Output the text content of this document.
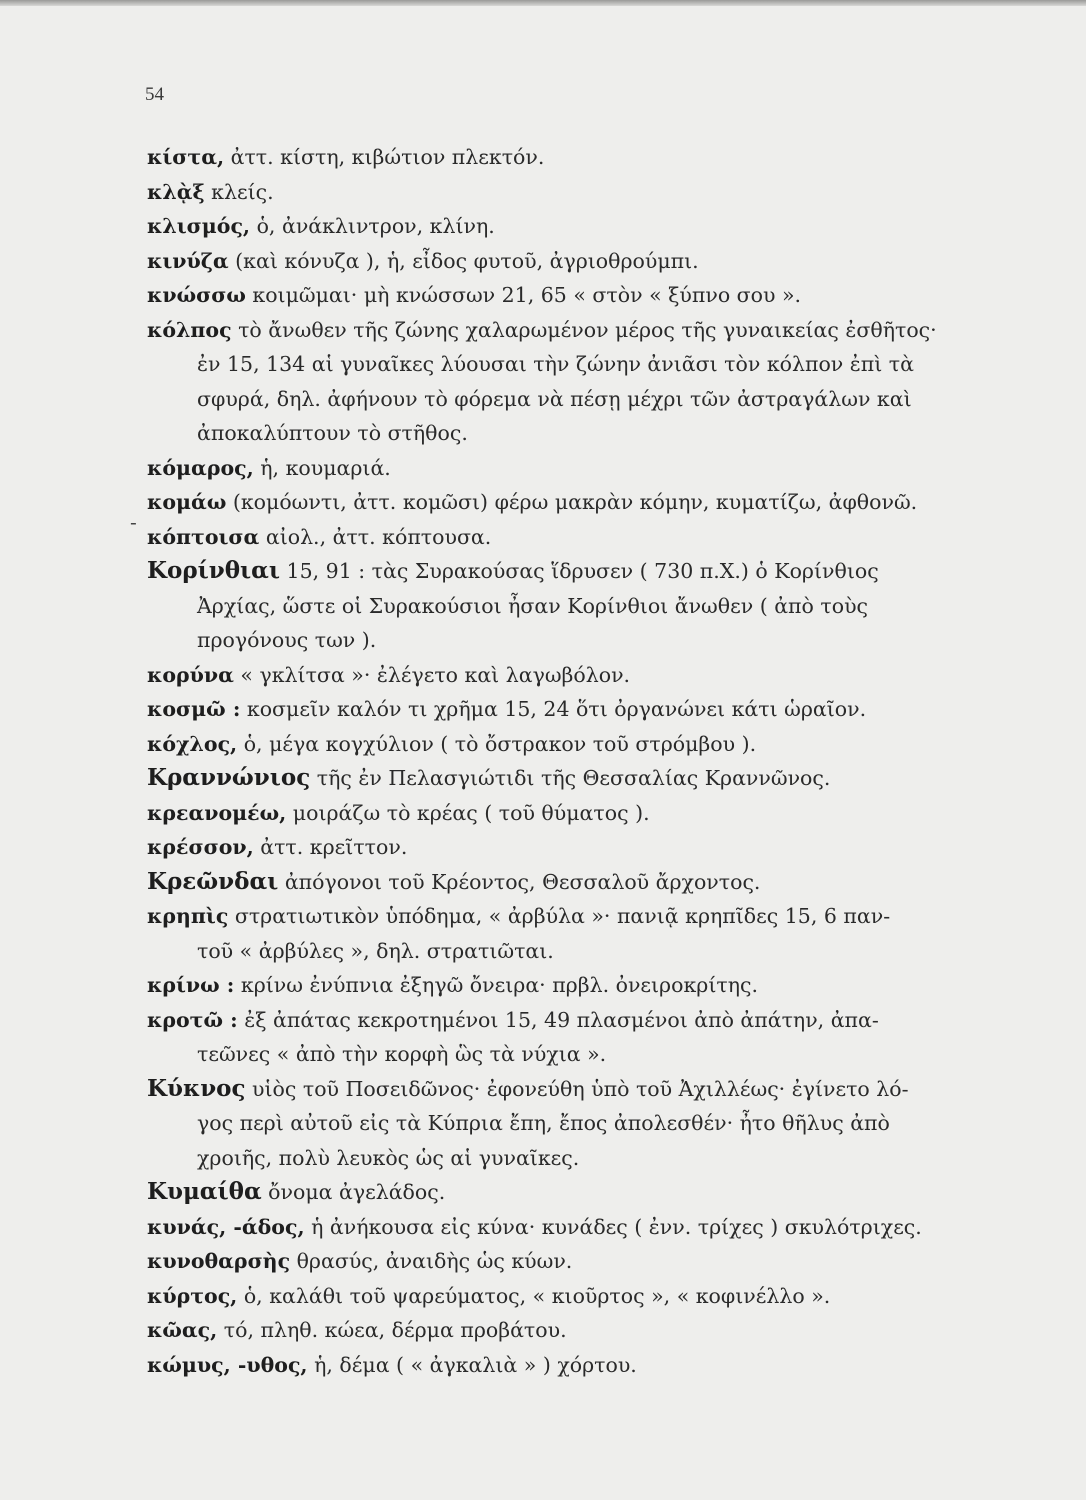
54
-
κίστα, ἀττ. κίστη, κιβώτιον πλεκτόν.
κλᾲξ κλείς.
κλισμός, ὁ, ἀνάκλιντρον, κλίνη.
κινύζα (καὶ κόνυζα ), ἡ, εἶδος φυτοῦ, ἀγριοθρούμπι.
κνώσσω κοιμῶμαι· μὴ κνώσσων 21, 65 « στὸν « ξύπνο σου ».
κόλπος τὸ ἄνωθεν τῆς ζώνης χαλαρωμένον μέρος τῆς γυναικείας ἐσθῆτος·
ἐν 15, 134 αἱ γυναῖκες λύουσαι τὴν ζώνην ἀνιᾶσι τὸν κόλπον ἐπὶ τὰ
σφυρά, δηλ. ἀφήνουν τὸ φόρεμα νὰ πέσῃ μέχρι τῶν ἀστραγάλων καὶ
ἀποκαλύπτουν τὸ στῆθος.
κόμαρος, ἡ, κουμαριά.
κομάω (κομόωντι, ἀττ. κομῶσι) φέρω μακρὰν κόμην, κυματίζω, ἀφθονῶ.
κόπτοισα αἰολ., ἀττ. κόπτουσα.
Κορίνθιαι 15, 91 : τὰς Συρακούσας ἵδρυσεν ( 730 π.Χ.) ὁ Κορίνθιος
Ἀρχίας, ὥστε οἱ Συρακούσιοι ἦσαν Κορίνθιοι ἄνωθεν ( ἀπὸ τοὺς
προγόνους των ).
κορύνα « γκλίτσα »· ἐλέγετο καὶ λαγωβόλον.
κοσμῶ : κοσμεῖν καλόν τι χρῆμα 15, 24 ὅτι ὀργανώνει κάτι ὡραῖον.
κόχλος, ὁ, μέγα κογχύλιον ( τὸ ὄστρακον τοῦ στρόμβου ).
Κραννώνιος τῆς ἐν Πελασγιώτιδι τῆς Θεσσαλίας Κραννῶνος.
κρεανομέω, μοιράζω τὸ κρέας ( τοῦ θύματος ).
κρέσσον, ἀττ. κρεῖττον.
Κρεῶνδαι ἀπόγονοι τοῦ Κρέοντος, Θεσσαλοῦ ἄρχοντος.
κρηπὶς στρατιωτικὸν ὑπόδημα, « ἀρβύλα »· πανιᾷ κρηπῖδες 15, 6 παν-
τοῦ « ἀρβύλες », δηλ. στρατιῶται.
κρίνω : κρίνω ἐνύπνια ἐξηγῶ ὄνειρα· πρβλ. ὀνειροκρίτης.
κροτῶ : ἐξ ἀπάτας κεκροτημένοι 15, 49 πλασμένοι ἀπὸ ἀπάτην, ἀπα-
τεῶνες « ἀπὸ τὴν κορφὴ ὣς τὰ νύχια ».
Κύκνος υἱὸς τοῦ Ποσειδῶνος· ἐφονεύθη ὑπὸ τοῦ Ἀχιλλέως· ἐγίνετο λό-
γος περὶ αὐτοῦ εἰς τὰ Κύπρια ἔπη, ἔπος ἀπολεσθέν· ἦτο θῆλυς ἀπὸ
χροιῆς, πολὺ λευκὸς ὡς αἱ γυναῖκες.
Κυμαίθα ὄνομα ἀγελάδος.
κυνάς, -άδος, ἡ ἀνήκουσα εἰς κύνα· κυνάδες ( ἐνν. τρίχες ) σκυλότριχες.
κυνοθαρσὴς θρασύς, ἀναιδὴς ὡς κύων.
κύρτος, ὁ, καλάθι τοῦ ψαρεύματος, « κιοῦρτος », « κοφινέλλο ».
κῶας, τό, πληθ. κώεα, δέρμα προβάτου.
κώμυς, -υθος, ἡ, δέμα ( « ἀγκαλιὰ » ) χόρτου.
